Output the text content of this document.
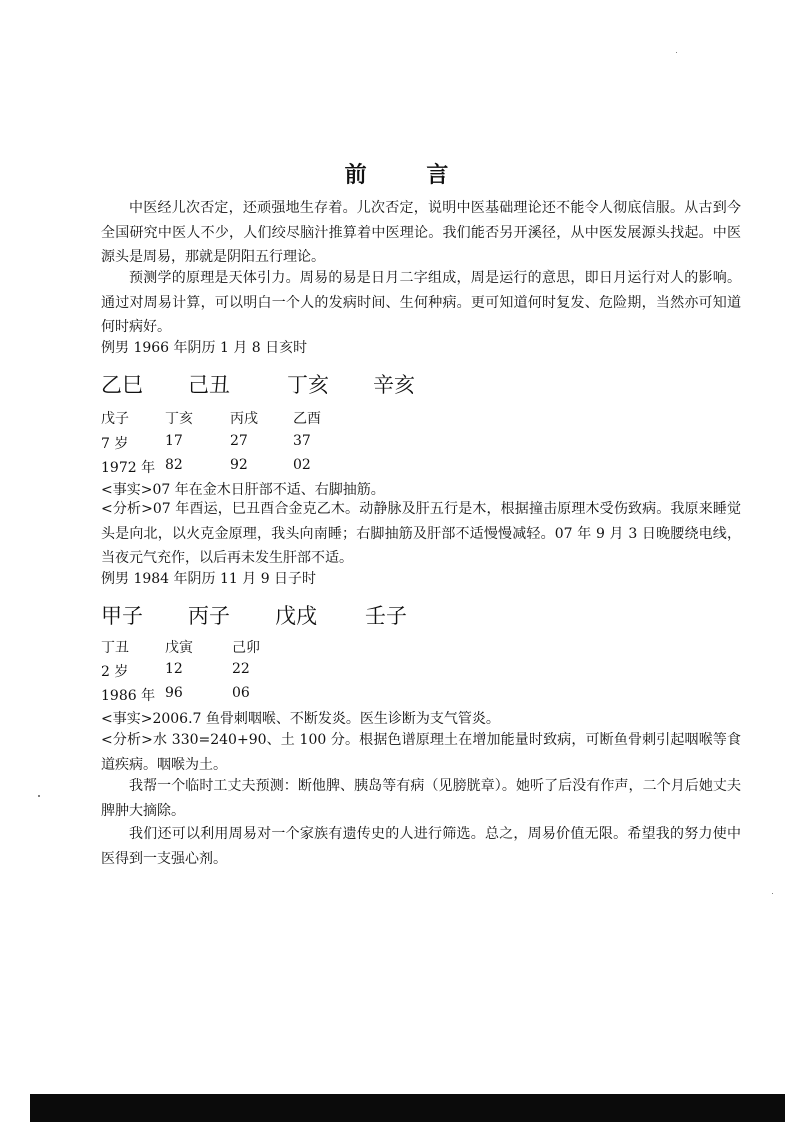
前 言

中医经儿次否定，还顽强地生存着。儿次否定，说明中医基础理论还不能令人彻底信服。从古到今全国研究中医人不少，人们绞尽脑汁推算着中医理论。我们能否另开溪径，从中医发展源头找起。中医源头是周易，那就是阴阳五行理论。

预测学的原理是天体引力。周易的易是日月二字组成，周是运行的意思，即日月运行对人的影响。通过对周易计算，可以明白一个人的发病时间、生何种病。更可知道何时复发、危险期，当然亦可知道何时病好。

例男 1966 年阴历 1 月 8 日亥时
乙巳 己丑	丁亥 辛亥
戊子	丁亥	丙戌	乙酉
7 岁	17	27	37
1972 年 82	92	02
<事实>07 年在金木日肝部不适、右脚抽筋。

<分析>07 年酉运，巳丑酉合金克乙木。动静脉及肝五行是木，根据撞击原理木受伤致病。我原来睡觉头是向北，以火克金原理，我头向南睡；右脚抽筋及肝部不适慢慢减轻。07 年 9 月 3 日晚腰绕电线，当夜元气充作，以后再未发生肝部不适。

例男 1984 年阴历 11 月 9 日子时
甲子 丙子 戊戌 壬子
丁丑	戊寅	己卯
2 岁	12	22
1986 年 96	06
<事实>2006.7 鱼骨刺咽喉、不断发炎。医生诊断为支气管炎。

<分析>水 330=240+90、土 100 分。根据色谱原理土在增加能量时致病，可断鱼骨刺引起咽喉等食道疾病。咽喉为土。

我帮一个临时工丈夫预测：断他脾、胰岛等有病（见膀胱章）。她听了后没有作声，二个月后她丈夫脾肿大摘除。

我们还可以利用周易对一个家族有遗传史的人进行筛选。总之，周易价值无限。希望我的努力使中医得到一支强心剂。
